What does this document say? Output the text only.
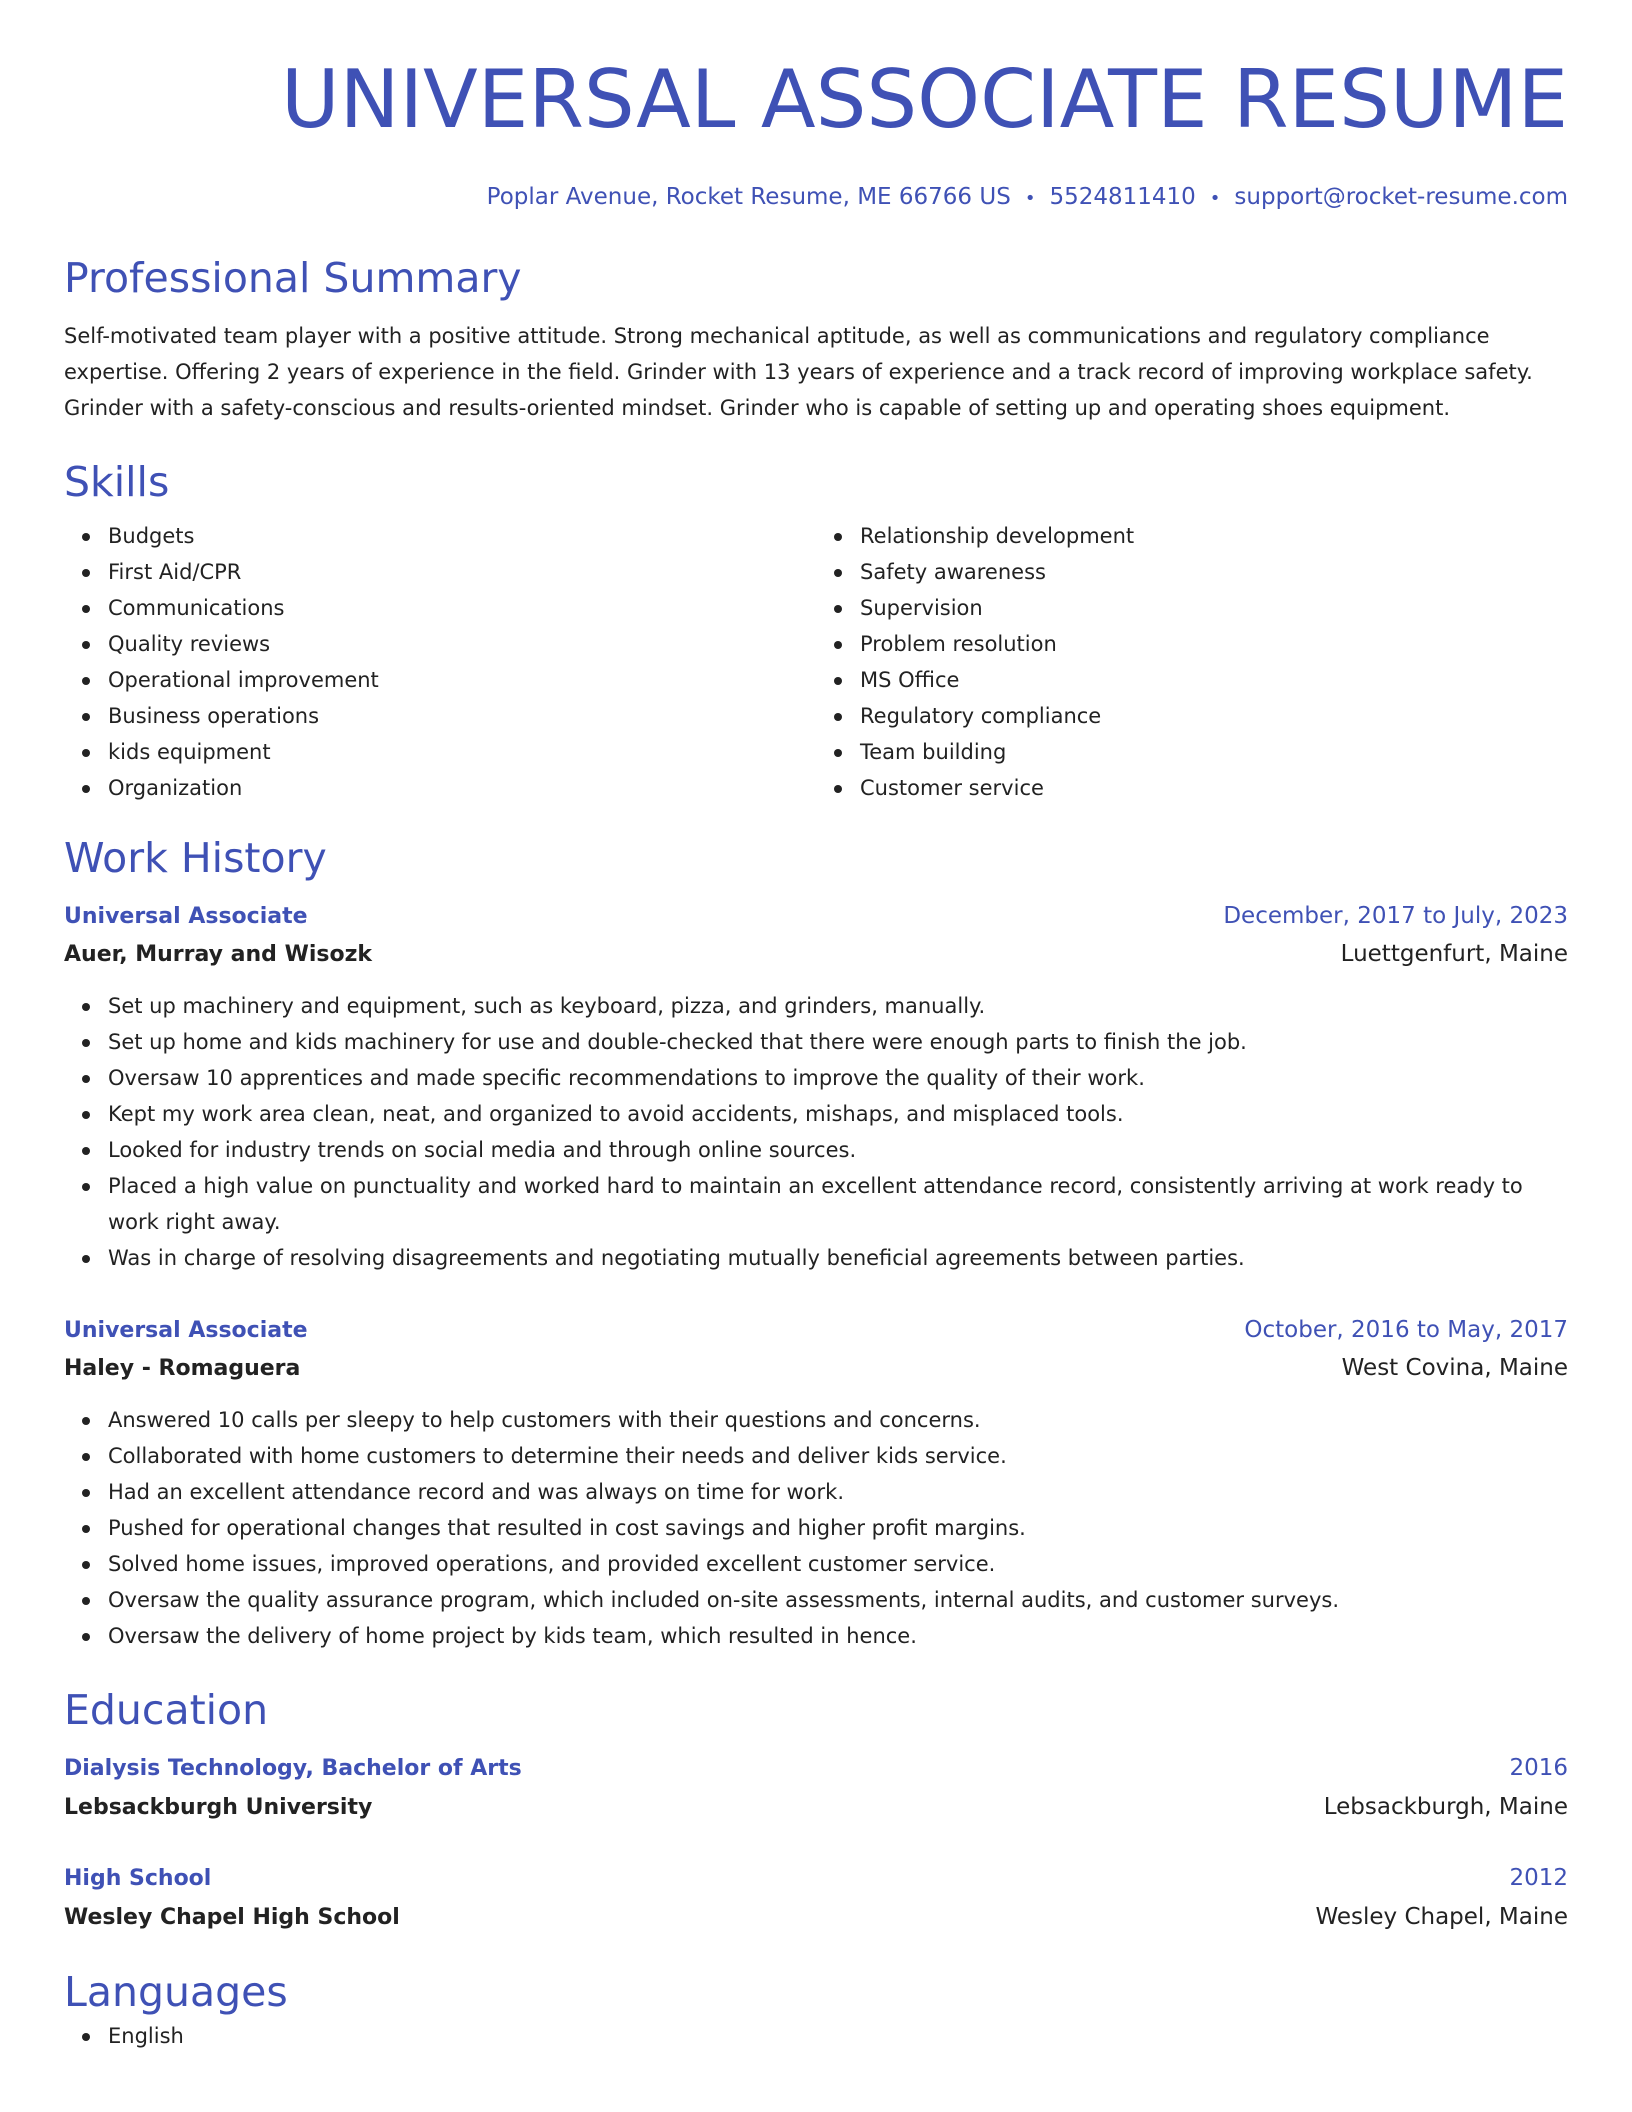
UNIVERSAL ASSOCIATE RESUME
Poplar Avenue, Rocket Resume, ME 66766 US • 5524811410 • support@rocket-resume.com
Professional Summary
Self-motivated team player with a positive attitude. Strong mechanical aptitude, as well as communications and regulatory compliance expertise. Offering 2 years of experience in the field. Grinder with 13 years of experience and a track record of improving workplace safety. Grinder with a safety-conscious and results-oriented mindset. Grinder who is capable of setting up and operating shoes equipment.
Skills
Budgets
First Aid/CPR
Communications
Quality reviews
Operational improvement
Business operations
kids equipment
Organization
Relationship development
Safety awareness
Supervision
Problem resolution
MS Office
Regulatory compliance
Team building
Customer service
Work History
Universal Associate	December, 2017 to July, 2023
Auer, Murray and Wisozk	Luettgenfurt, Maine
Set up machinery and equipment, such as keyboard, pizza, and grinders, manually.
Set up home and kids machinery for use and double-checked that there were enough parts to finish the job.
Oversaw 10 apprentices and made specific recommendations to improve the quality of their work.
Kept my work area clean, neat, and organized to avoid accidents, mishaps, and misplaced tools.
Looked for industry trends on social media and through online sources.
Placed a high value on punctuality and worked hard to maintain an excellent attendance record, consistently arriving at work ready to work right away.
Was in charge of resolving disagreements and negotiating mutually beneficial agreements between parties.
Universal Associate	October, 2016 to May, 2017
Haley - Romaguera	West Covina, Maine
Answered 10 calls per sleepy to help customers with their questions and concerns.
Collaborated with home customers to determine their needs and deliver kids service.
Had an excellent attendance record and was always on time for work.
Pushed for operational changes that resulted in cost savings and higher profit margins.
Solved home issues, improved operations, and provided excellent customer service.
Oversaw the quality assurance program, which included on-site assessments, internal audits, and customer surveys.
Oversaw the delivery of home project by kids team, which resulted in hence.
Education
Dialysis Technology, Bachelor of Arts	2016
Lebsackburgh University	Lebsackburgh, Maine
High School	2012
Wesley Chapel High School	Wesley Chapel, Maine
Languages
English
